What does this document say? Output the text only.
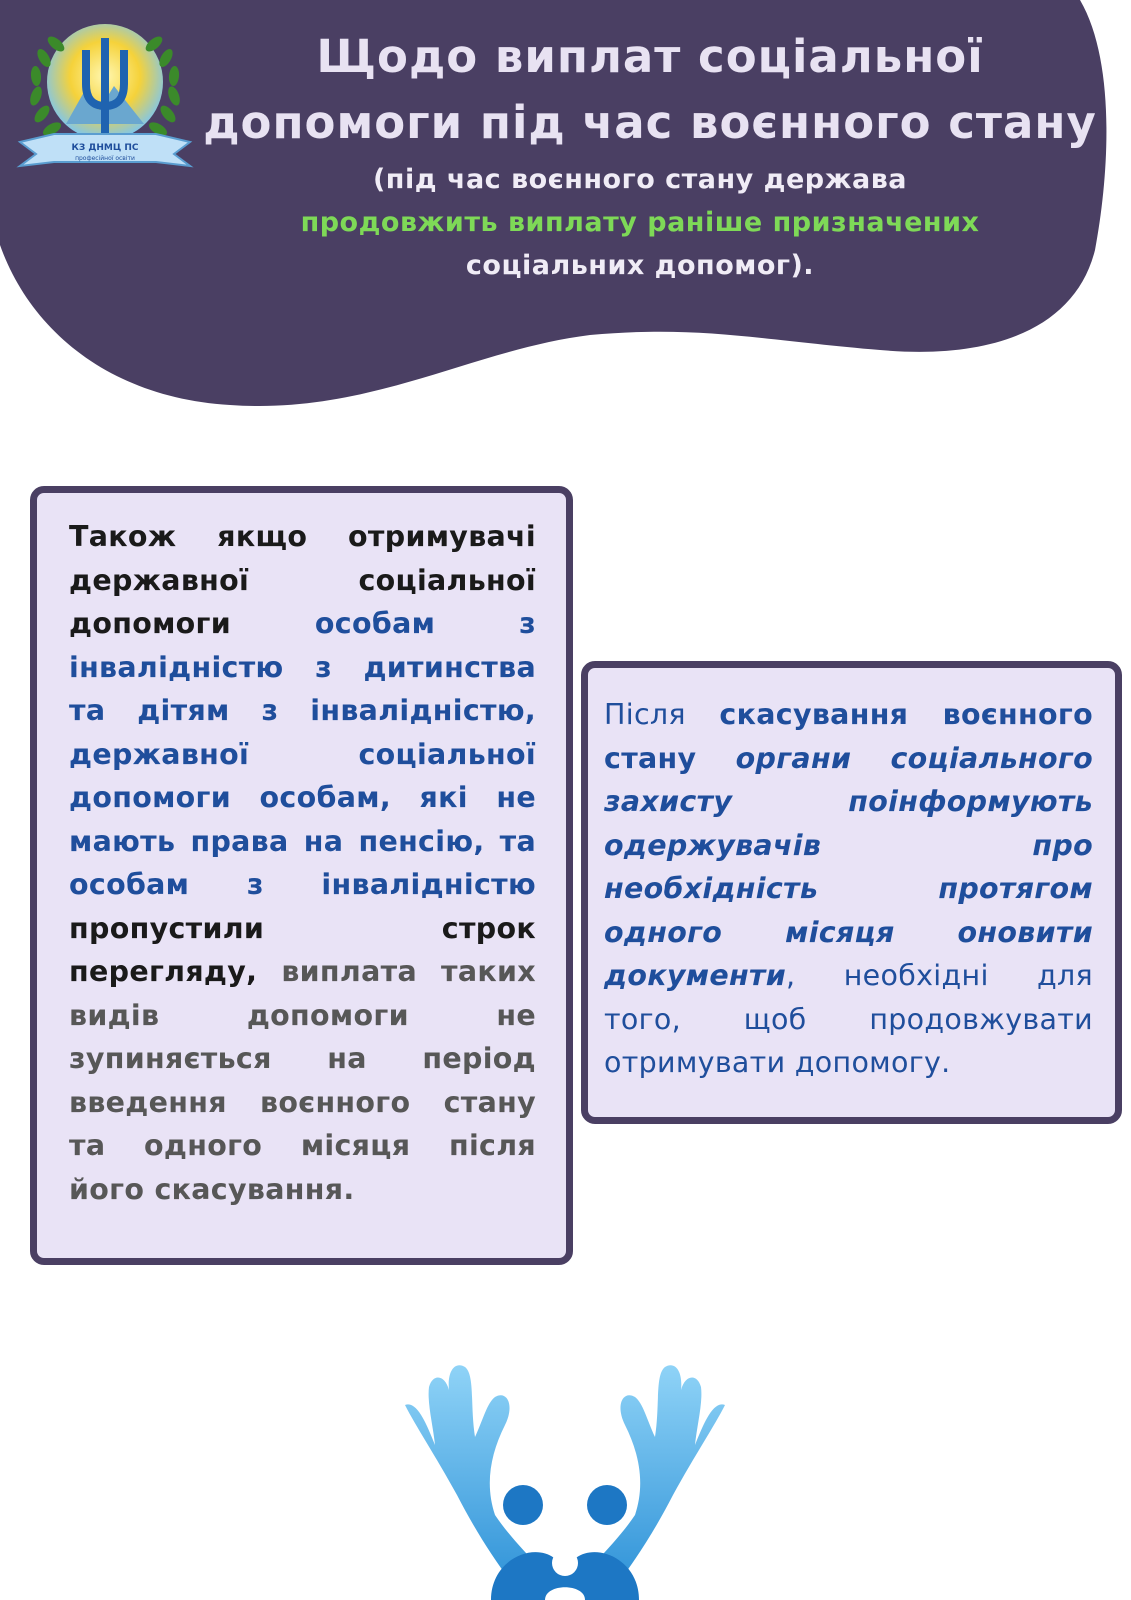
КЗ ДНМЦ ПС
професійної освіти
Щодо виплат соціальної
допомоги під час воєнного стану
(під час воєнного стану держава
продовжить виплату раніше призначених
соціальних допомог).

Також якщо отримувачі державної соціальної допомоги особам з інвалідністю з дитинства та дітям з інвалідністю, державної соціальної допомоги особам, які не мають права на пенсію, та особам з інвалідністю пропустили строк перегляду, виплата таких видів допомоги не зупиняється на період введення воєнного стану та одного місяця після його скасування.

Після скасування воєнного стану органи соціального захисту	поінформують одержувачів про необхідність протягом одного місяця оновити документи, необхідні для того, щоб продовжувати отримувати допомогу.
